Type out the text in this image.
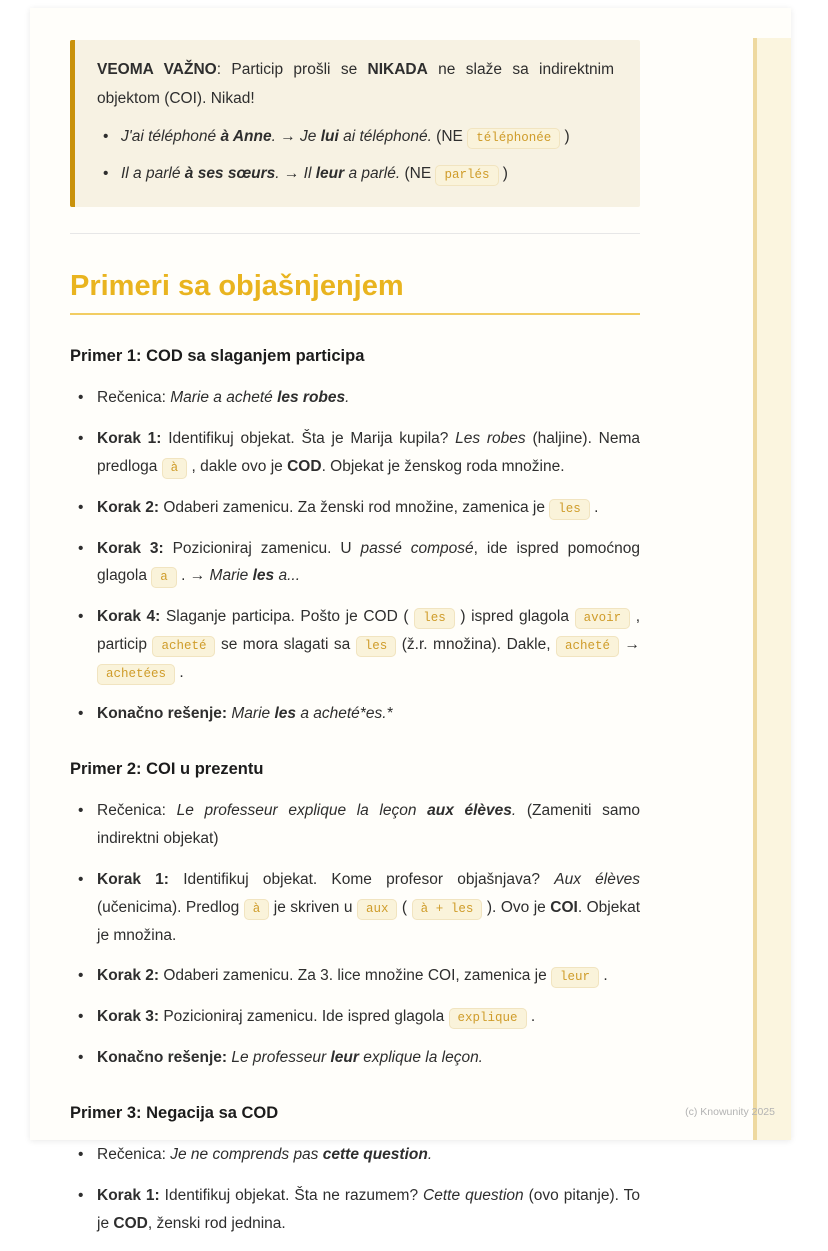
VEOMA VAŽNO: Particip prošli se NIKADA ne slaže sa indirektnim objektom (COI). Nikad!

• J'ai téléphoné à Anne. → Je lui ai téléphoné. (NE téléphonée )
• Il a parlé à ses sœurs. → Il leur a parlé. (NE parlés )
Primeri sa objašnjenjem
Primer 1: COD sa slaganjem participa
• Rečenica: Marie a acheté les robes.
• Korak 1: Identifikuj objekat. Šta je Marija kupila? Les robes (haljine). Nema predloga à , dakle ovo je COD. Objekat je ženskog roda množine.
• Korak 2: Odaberi zamenicu. Za ženski rod množine, zamenica je les .
• Korak 3: Pozicioniraj zamenicu. U passé composé, ide ispred pomoćnog glagola a . → Marie les a...
• Korak 4: Slaganje participa. Pošto je COD ( les ) ispred glagola avoir , particip acheté se mora slagati sa les (ž.r. množina). Dakle, acheté → achetées .
• Konačno rešenje: Marie les a acheté*es.*
Primer 2: COI u prezentu
• Rečenica: Le professeur explique la leçon aux élèves. (Zameniti samo indirektni objekat)
• Korak 1: Identifikuj objekat. Kome profesor objašnjava? Aux élèves (učenicima). Predlog à je skriven u aux ( à + les ). Ovo je COI. Objekat je množina.
• Korak 2: Odaberi zamenicu. Za 3. lice množine COI, zamenica je leur .
• Korak 3: Pozicioniraj zamenicu. Ide ispred glagola explique .
• Konačno rešenje: Le professeur leur explique la leçon.
Primer 3: Negacija sa COD
• Rečenica: Je ne comprends pas cette question.
• Korak 1: Identifikuj objekat. Šta ne razumem? Cette question (ovo pitanje). To je COD, ženski rod jednina.
(c) Knowunity 2025
